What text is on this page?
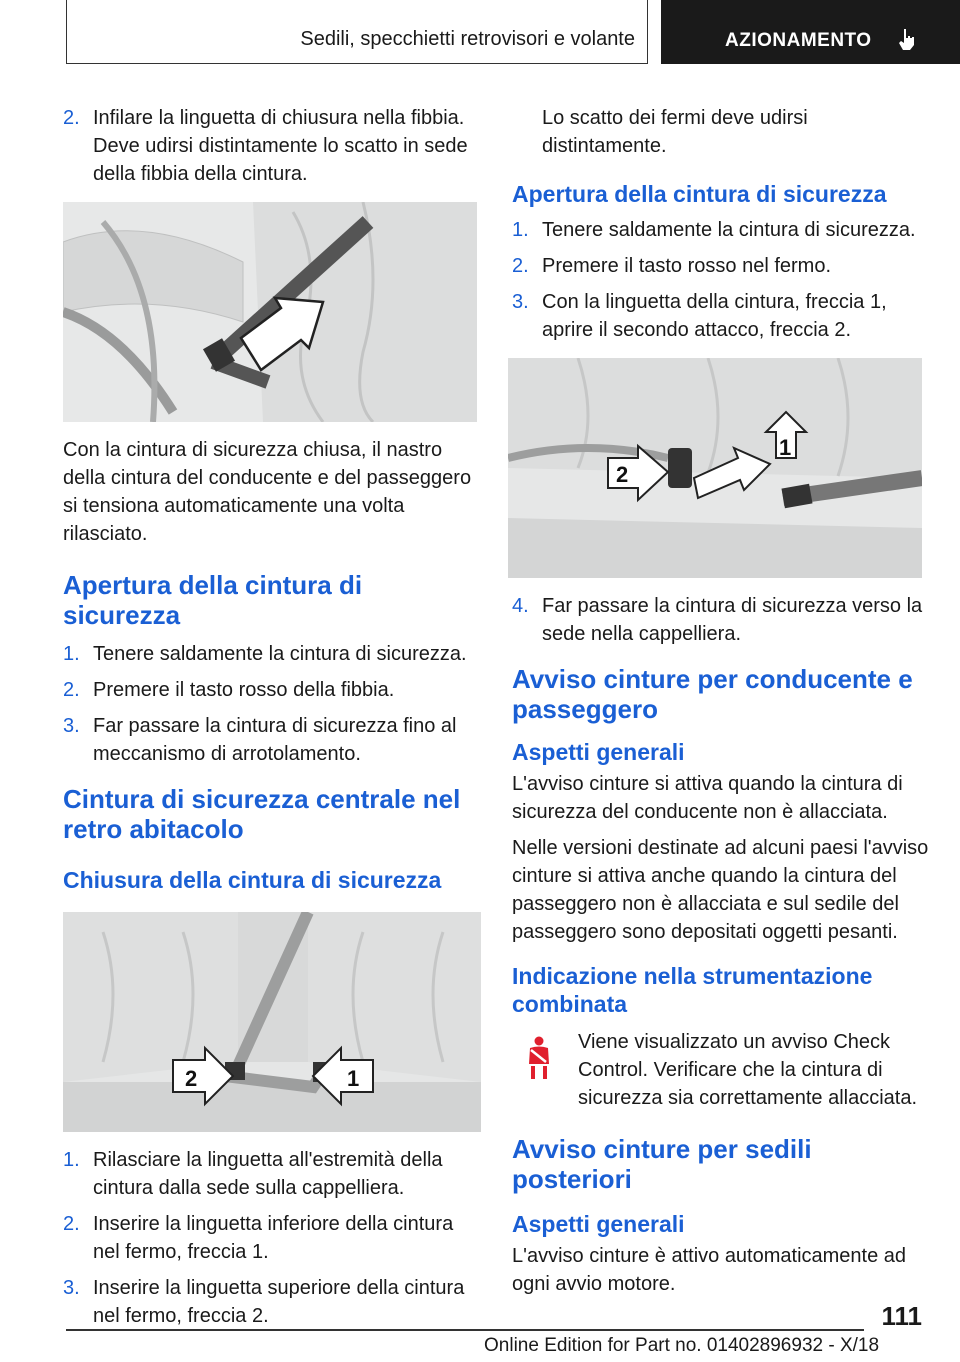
Sedili, specchietti retrovisori e volante	AZIONAMENTO
2. Infilare la linguetta di chiusura nella fibbia. Deve udirsi distintamente lo scatto in sede della fibbia della cintura.

Con la cintura di sicurezza chiusa, il nastro della cintura del conducente e del passeggero si tensiona automaticamente una volta rilasciato.

Apertura della cintura di sicurezza
1. Tenere saldamente la cintura di sicurezza.
2. Premere il tasto rosso della fibbia.
3. Far passare la cintura di sicurezza fino al meccanismo di arrotolamento.
Cintura di sicurezza centrale nel retro abitacolo
Chiusura della cintura di sicurezza
2	1
1. Rilasciare la linguetta all'estremità della cintura dalla sede sulla cappelliera.
2. Inserire la linguetta inferiore della cintura nel fermo, freccia 1.
3. Inserire la linguetta superiore della cintura nel fermo, freccia 2.

Lo scatto dei fermi deve udirsi distintamente.

Apertura della cintura di sicurezza
1. Tenere saldamente la cintura di sicurezza.
2. Premere il tasto rosso nel fermo.
3. Con la linguetta della cintura, freccia 1, aprire il secondo attacco, freccia 2.
2
1
4. Far passare la cintura di sicurezza verso la sede nella cappelliera.
Avviso cinture per conducente e passeggero
Aspetti generali

L'avviso cinture si attiva quando la cintura di sicurezza del conducente non è allacciata.

Nelle versioni destinate ad alcuni paesi l'avviso cinture si attiva anche quando la cintura del passeggero non è allacciata e sul sedile del passeggero sono depositati oggetti pesanti.

Indicazione nella strumentazione combinata

Viene visualizzato un avviso Check Control. Verificare che la cintura di sicurezza sia correttamente allacciata.

Avviso cinture per sedili posteriori
Aspetti generali

L'avviso cinture è attivo automaticamente ad ogni avvio motore.

111
Online Edition for Part no. 01402896932 - X/18
